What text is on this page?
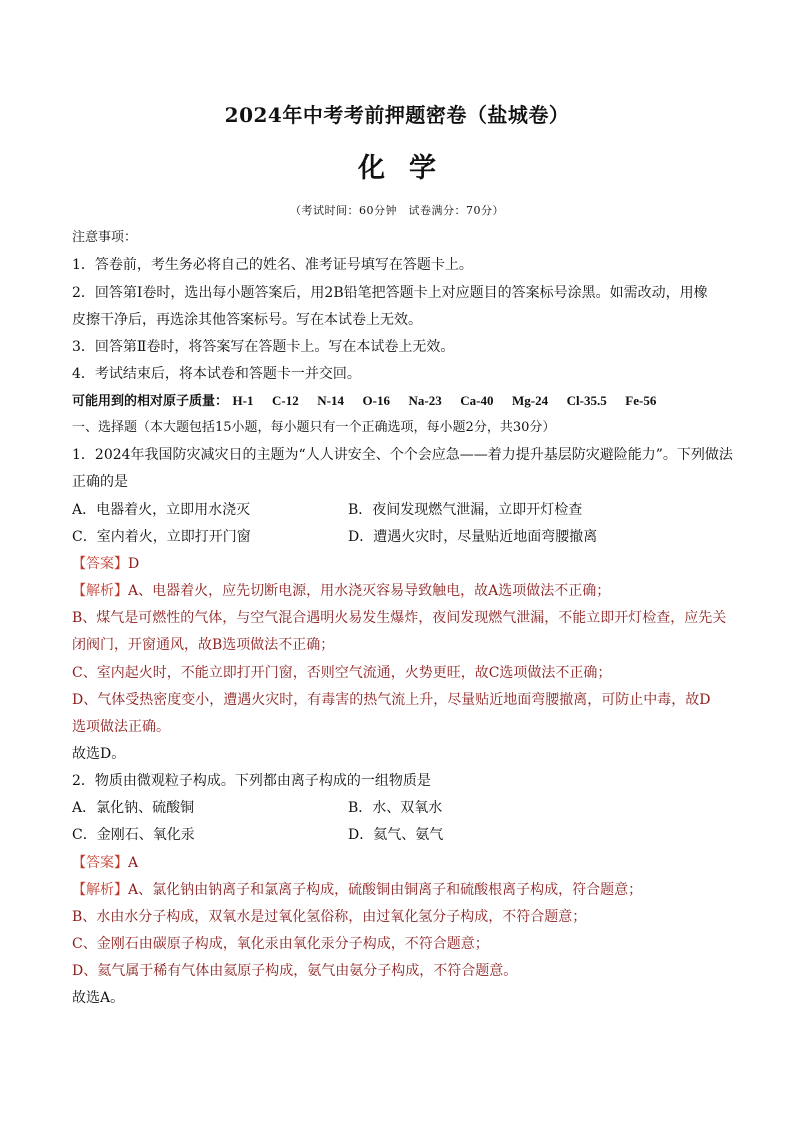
2024年中考考前押题密卷（盐城卷）
化学
（考试时间：60分钟　试卷满分：70分）
注意事项：
1．答卷前，考生务必将自己的姓名、准考证号填写在答题卡上。
2．回答第Ⅰ卷时，选出每小题答案后，用2B铅笔把答题卡上对应题目的答案标号涂黑。如需改动，用橡
皮擦干净后，再选涂其他答案标号。写在本试卷上无效。
3．回答第Ⅱ卷时，将答案写在答题卡上。写在本试卷上无效。
4．考试结束后，将本试卷和答题卡一并交回。
可能用到的相对原子质量： H-1 C-12 N-14 O-16 Na-23 Ca-40 Mg-24 Cl-35.5 Fe-56
一、选择题（本大题包括15小题，每小题只有一个正确选项，每小题2分，共30分）
1．2024年我国防灾减灾日的主题为“人人讲安全、个个会应急——着力提升基层防灾避险能力”。下列做法
正确的是
A．电器着火，立即用水浇灭	B．夜间发现燃气泄漏，立即开灯检查
C．室内着火，立即打开门窗	D．遭遇火灾时，尽量贴近地面弯腰撤离
【答案】D
【解析】A、电器着火，应先切断电源，用水浇灭容易导致触电，故A选项做法不正确；
B、煤气是可燃性的气体，与空气混合遇明火易发生爆炸，夜间发现燃气泄漏，不能立即开灯检查，应先关
闭阀门，开窗通风，故B选项做法不正确；
C、室内起火时，不能立即打开门窗，否则空气流通，火势更旺，故C选项做法不正确；
D、气体受热密度变小，遭遇火灾时，有毒害的热气流上升，尽量贴近地面弯腰撤离，可防止中毒，故D
选项做法正确。
故选D。
2．物质由微观粒子构成。下列都由离子构成的一组物质是
A．氯化钠、硫酸铜	B．水、双氧水
C．金刚石、氧化汞	D．氦气、氨气
【答案】A
【解析】A、氯化钠由钠离子和氯离子构成，硫酸铜由铜离子和硫酸根离子构成，符合题意；
B、水由水分子构成，双氧水是过氧化氢俗称，由过氧化氢分子构成，不符合题意；
C、金刚石由碳原子构成，氧化汞由氧化汞分子构成，不符合题意；
D、氦气属于稀有气体由氦原子构成，氨气由氨分子构成，不符合题意。
故选A。
